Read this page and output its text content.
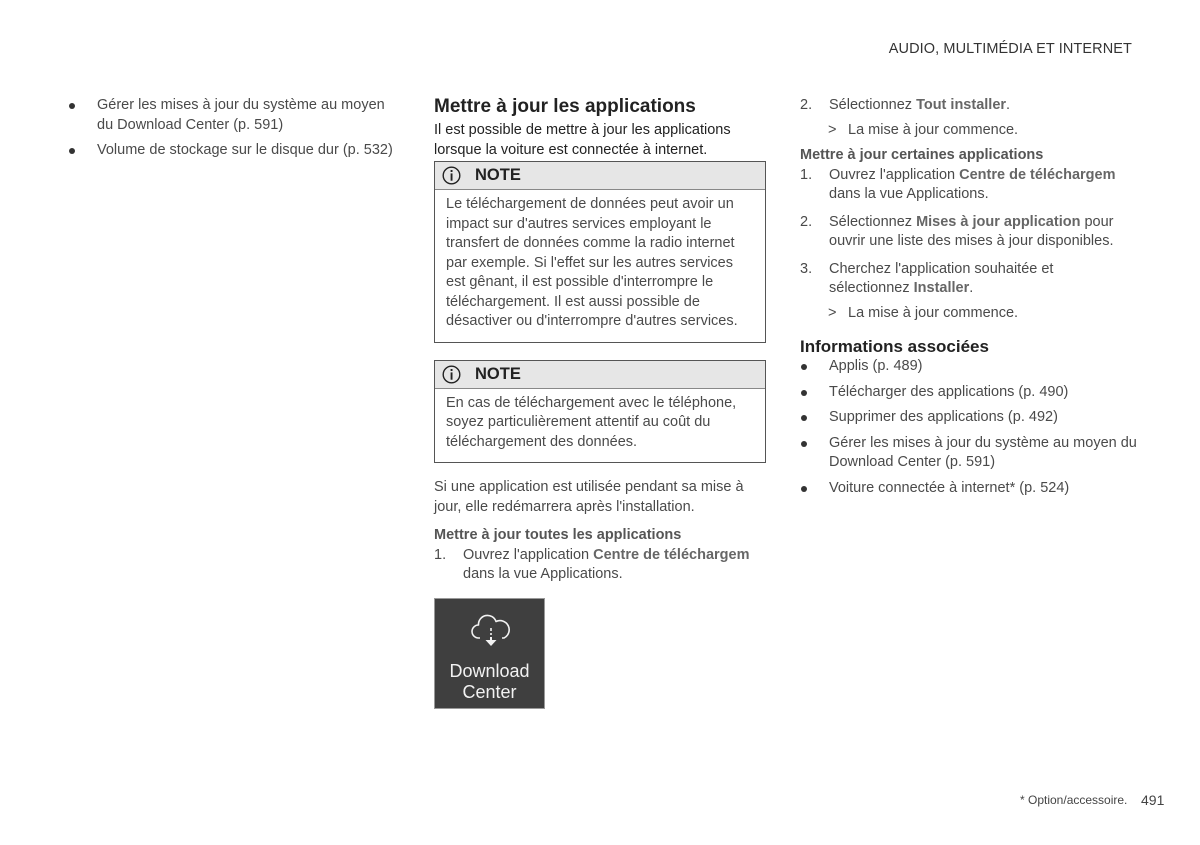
AUDIO, MULTIMÉDIA ET INTERNET
Gérer les mises à jour du système au moyen du Download Center (p. 591)
Volume de stockage sur le disque dur (p. 532)
Mettre à jour les applications

Il est possible de mettre à jour les applications lorsque la voiture est connectée à internet.

NOTE
Le téléchargement de données peut avoir un impact sur d'autres services employant le transfert de données comme la radio internet par exemple. Si l'effet sur les autres services est gênant, il est possible d'interrompre le téléchargement. Il est aussi possible de désactiver ou d'interrompre d'autres services.
NOTE
En cas de téléchargement avec le téléphone, soyez particulièrement attentif au coût du téléchargement des données.

Si une application est utilisée pendant sa mise à jour, elle redémarrera après l'installation.

Mettre à jour toutes les applications

1. Ouvrez l'application Centre de téléchargem dans la vue Applications.
Download
Center
2. Sélectionnez Tout installer.

> La mise à jour commence.

Mettre à jour certaines applications

1. Ouvrez l'application Centre de téléchargem dans la vue Applications.
2. Sélectionnez Mises à jour application pour ouvrir une liste des mises à jour disponibles.
3. Cherchez l'application souhaitée et sélectionnez Installer.

> La mise à jour commence.

Informations associées
Applis (p. 489)
Télécharger des applications (p. 490)
Supprimer des applications (p. 492)
Gérer les mises à jour du système au moyen du Download Center (p. 591)
Voiture connectée à internet* (p. 524)
* Option/accessoire. 491
